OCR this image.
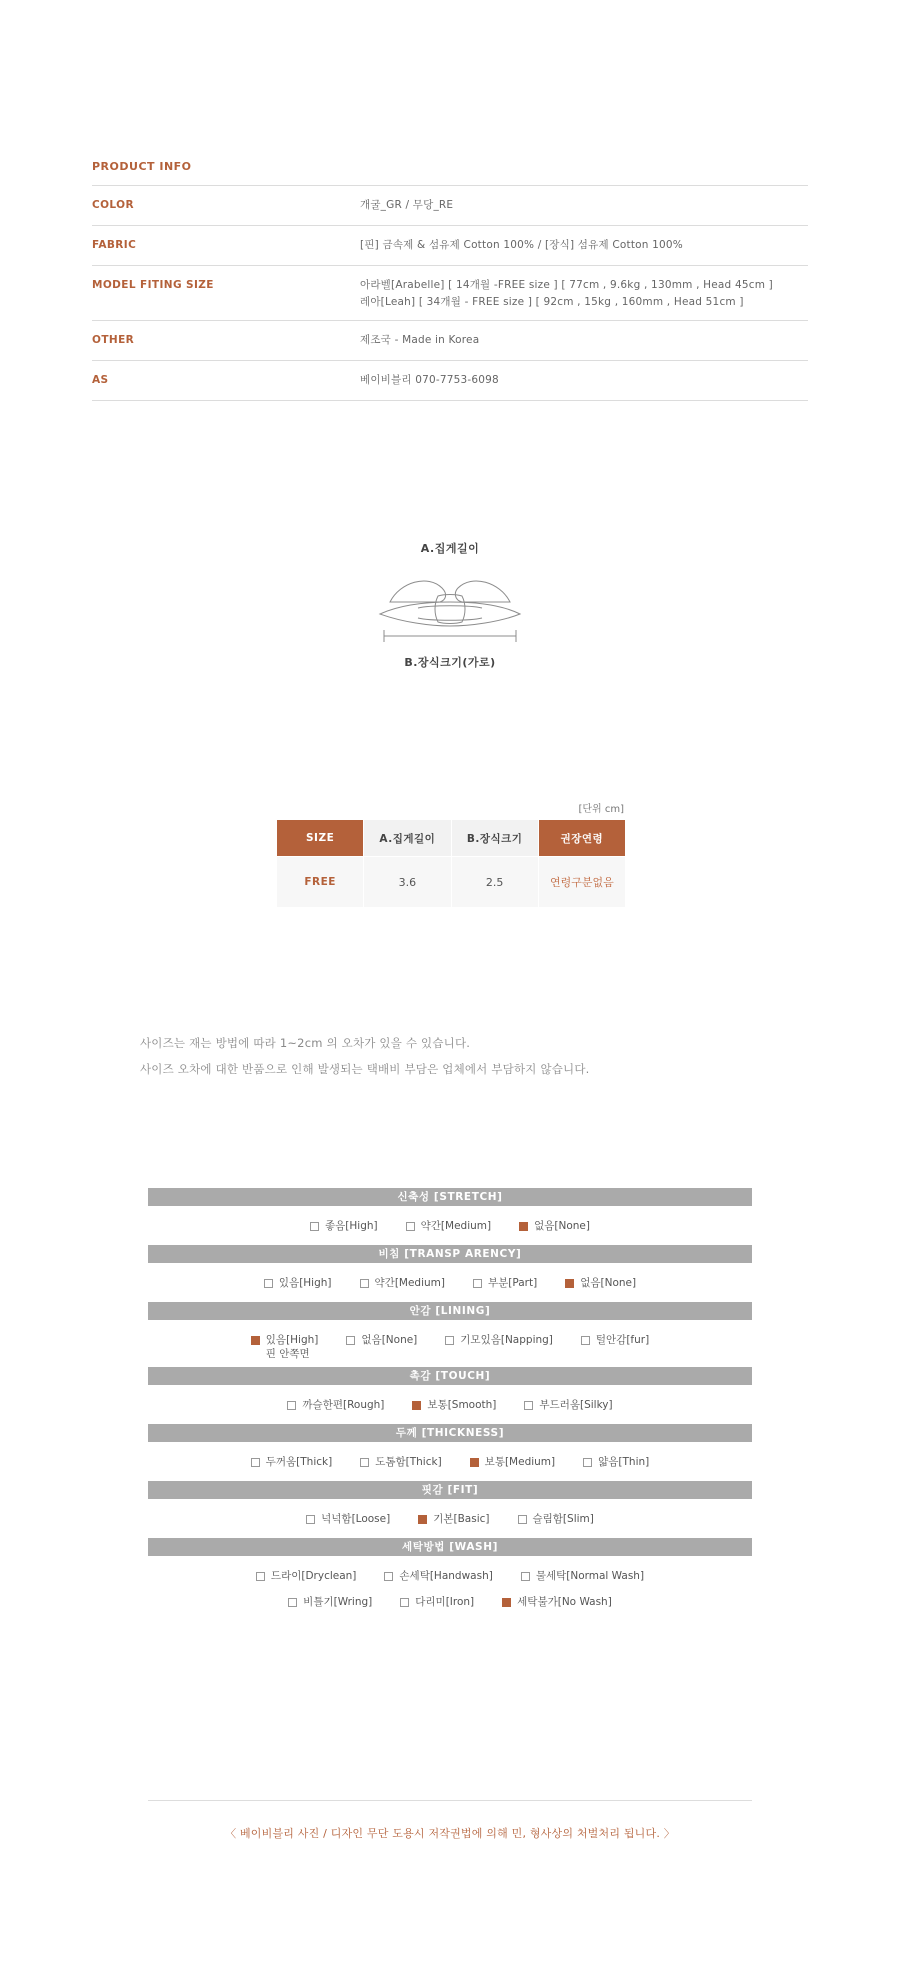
PRODUCT INFO
COLOR	개굴_GR / 무당_RE
FABRIC	[핀] 금속제 & 섬유제 Cotton 100% / [장식] 섬유제 Cotton 100%
MODEL FITING SIZE	아라벨[Arabelle] [ 14개월 -FREE size ] [ 77cm , 9.6kg , 130mm , Head 45cm ]
레아[Leah] [ 34개월 - FREE size ] [ 92cm , 15kg , 160mm , Head 51cm ]
OTHER	제조국 - Made in Korea
AS	베이비블리 070-7753-6098
A.집게길이
B.장식크기(가로)
[단위 cm]
SIZE	A.집게길이	B.장식크기	권장연령
FREE	3.6	2.5	연령구분없음
사이즈는 재는 방법에 따라 1~2cm 의 오차가 있을 수 있습니다.
사이즈 오차에 대한 반품으로 인해 발생되는 택배비 부담은 업체에서 부담하지 않습니다.
신축성 [STRETCH]
좋음[High]	약간[Medium]	없음[None]
비침 [TRANSP ARENCY]
있음[High]	약간[Medium]	부분[Part]	없음[None]
안감 [LINING]
있음[High]
핀 안쪽면
없음[None]	기모있음[Napping]	털안감[fur]
촉감 [TOUCH]
까슬한편[Rough]	보통[Smooth]	부드러움[Silky]
두께 [THICKNESS]
두꺼움[Thick]	도톰함[Thick]	보통[Medium]	얇음[Thin]
핏감 [FIT]
넉넉함[Loose]	기본[Basic]	슬림함[Slim]
세탁방법 [WASH]
드라이[Dryclean]	손세탁[Handwash]	물세탁[Normal Wash]
비틀기[Wring]	다리미[Iron]	세탁불가[No Wash]
〈 베이비블리 사진 / 디자인 무단 도용시 저작권법에 의해 민, 형사상의 처벌처리 됩니다. 〉
